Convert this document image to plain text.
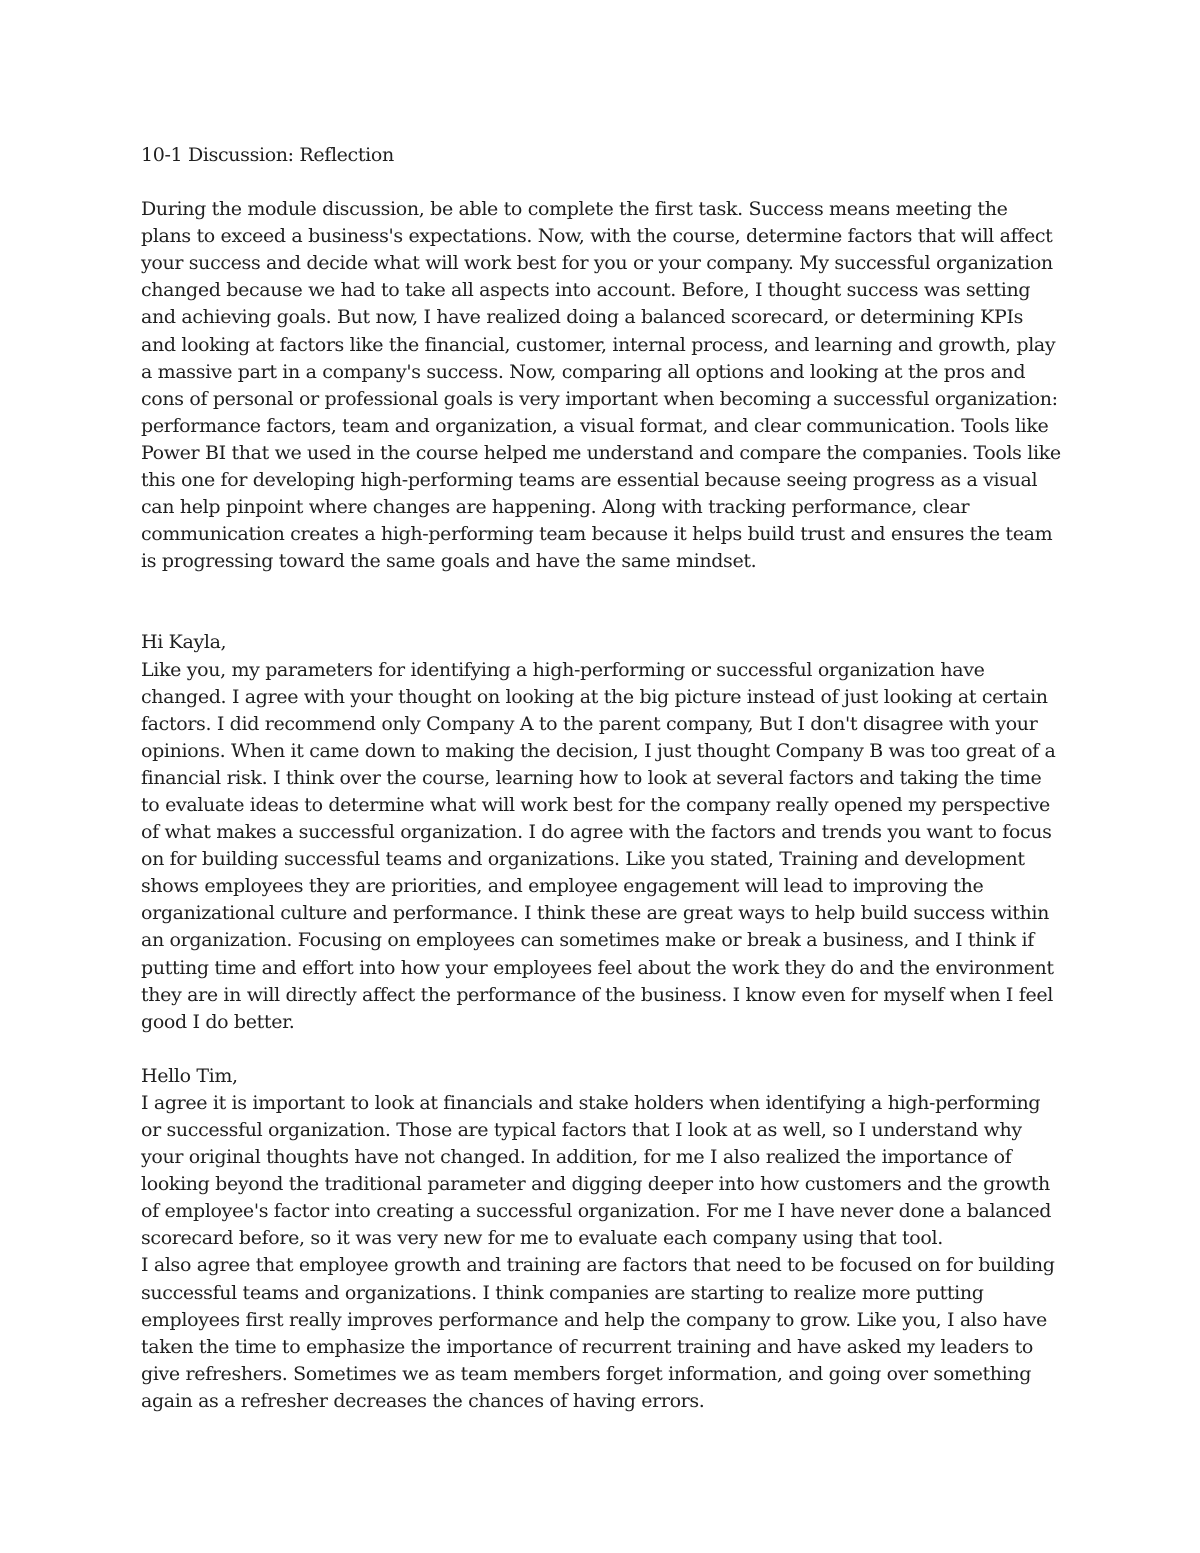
10-1 Discussion: Reflection

During the module discussion, be able to complete the first task. Success means meeting the plans to exceed a business's expectations. Now, with the course, determine factors that will affect your success and decide what will work best for you or your company. My successful organization changed because we had to take all aspects into account. Before, I thought success was setting and achieving goals. But now, I have realized doing a balanced scorecard, or determining KPIs and looking at factors like the financial, customer, internal process, and learning and growth, play a massive part in a company's success. Now, comparing all options and looking at the pros and cons of personal or professional goals is very important when becoming a successful organization: performance factors, team and organization, a visual format, and clear communication. Tools like Power BI that we used in the course helped me understand and compare the companies. Tools like this one for developing high-performing teams are essential because seeing progress as a visual can help pinpoint where changes are happening. Along with tracking performance, clear communication creates a high-performing team because it helps build trust and ensures the team is progressing toward the same goals and have the same mindset.

Hi Kayla,

Like you, my parameters for identifying a high-performing or successful organization have changed. I agree with your thought on looking at the big picture instead of just looking at certain factors. I did recommend only Company A to the parent company, But I don't disagree with your opinions. When it came down to making the decision, I just thought Company B was too great of a financial risk. I think over the course, learning how to look at several factors and taking the time to evaluate ideas to determine what will work best for the company really opened my perspective of what makes a successful organization. I do agree with the factors and trends you want to focus on for building successful teams and organizations. Like you stated, Training and development shows employees they are priorities, and employee engagement will lead to improving the organizational culture and performance. I think these are great ways to help build success within an organization. Focusing on employees can sometimes make or break a business, and I think if putting time and effort into how your employees feel about the work they do and the environment they are in will directly affect the performance of the business. I know even for myself when I feel good I do better.

Hello Tim,

I agree it is important to look at financials and stake holders when identifying a high-performing or successful organization. Those are typical factors that I look at as well, so I understand why your original thoughts have not changed. In addition, for me I also realized the importance of looking beyond the traditional parameter and digging deeper into how customers and the growth of employee's factor into creating a successful organization. For me I have never done a balanced scorecard before, so it was very new for me to evaluate each company using that tool.

I also agree that employee growth and training are factors that need to be focused on for building successful teams and organizations. I think companies are starting to realize more putting employees first really improves performance and help the company to grow. Like you, I also have taken the time to emphasize the importance of recurrent training and have asked my leaders to give refreshers. Sometimes we as team members forget information, and going over something again as a refresher decreases the chances of having errors.
